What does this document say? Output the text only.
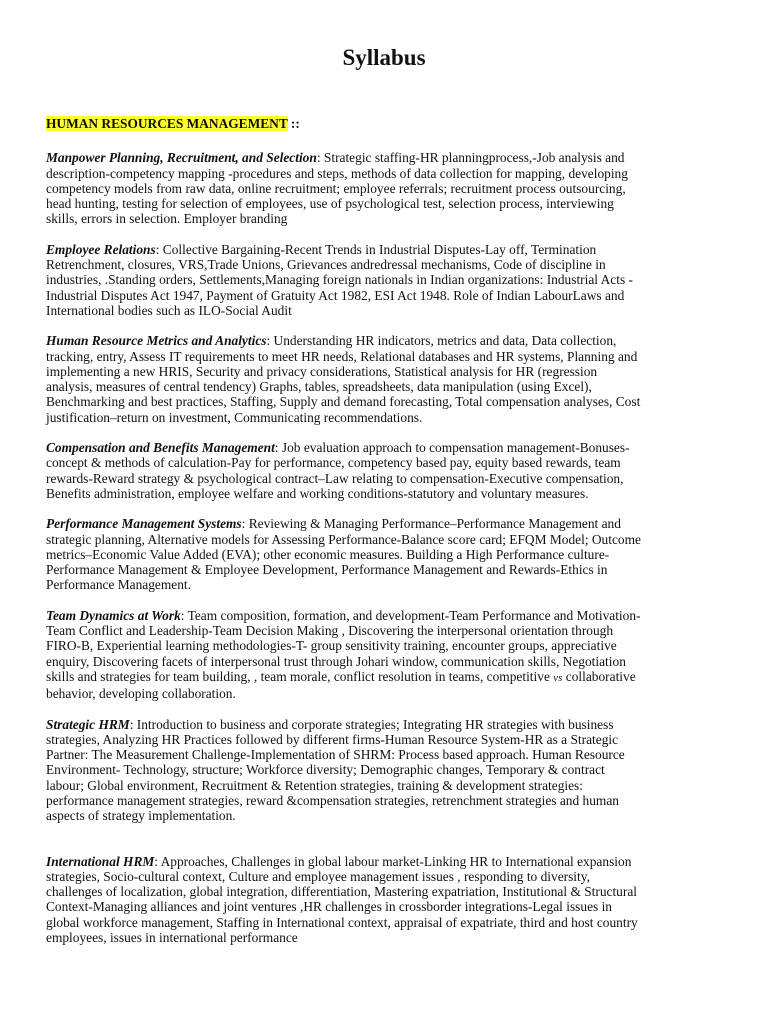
Syllabus

HUMAN RESOURCES MANAGEMENT ::

Manpower Planning, Recruitment, and Selection: Strategic staffing-HR planningprocess,-Job analysis and description-competency mapping -procedures and steps, methods of data collection for mapping, developing competency models from raw data, online recruitment; employee referrals; recruitment process outsourcing, head hunting, testing for selection of employees, use of psychological test, selection process, interviewing skills, errors in selection. Employer branding

Employee Relations: Collective Bargaining-Recent Trends in Industrial Disputes-Lay off, Termination Retrenchment, closures, VRS,Trade Unions, Grievances andredressal mechanisms, Code of discipline in industries, .Standing orders, Settlements,Managing foreign nationals in Indian organizations: Industrial Acts -Industrial Disputes Act 1947, Payment of Gratuity Act 1982, ESI Act 1948. Role of Indian LabourLaws and International bodies such as ILO-Social Audit

Human Resource Metrics and Analytics: Understanding HR indicators, metrics and data, Data collection, tracking, entry, Assess IT requirements to meet HR needs, Relational databases and HR systems, Planning and implementing a new HRIS, Security and privacy considerations, Statistical analysis for HR (regression analysis, measures of central tendency) Graphs, tables, spreadsheets, data manipulation (using Excel), Benchmarking and best practices, Staffing, Supply and demand forecasting, Total compensation analyses, Cost justification–return on investment, Communicating recommendations.

Compensation and Benefits Management: Job evaluation approach to compensation management-Bonuses- concept & methods of calculation-Pay for performance, competency based pay, equity based rewards, team rewards-Reward strategy & psychological contract–Law relating to compensation-Executive compensation, Benefits administration, employee welfare and working conditions-statutory and voluntary measures.

Performance Management Systems: Reviewing & Managing Performance–Performance Management and strategic planning, Alternative models for Assessing Performance-Balance score card; EFQM Model; Outcome metrics–Economic Value Added (EVA); other economic measures. Building a High Performance culture-Performance Management & Employee Development, Performance Management and Rewards-Ethics in Performance Management.

Team Dynamics at Work: Team composition, formation, and development-Team Performance and Motivation-Team Conflict and Leadership-Team Decision Making , Discovering the interpersonal orientation through FIRO-B, Experiential learning methodologies-T- group sensitivity training, encounter groups, appreciative enquiry, Discovering facets of interpersonal trust through Johari window, communication skills, Negotiation skills and strategies for team building, , team morale, conflict resolution in teams, competitive vs collaborative behavior, developing collaboration.

Strategic HRM: Introduction to business and corporate strategies; Integrating HR strategies with business strategies, Analyzing HR Practices followed by different firms-Human Resource System-HR as a Strategic Partner: The Measurement Challenge-Implementation of SHRM: Process based approach. Human Resource Environment- Technology, structure; Workforce diversity; Demographic changes, Temporary & contract labour; Global environment, Recruitment & Retention strategies, training & development strategies: performance management strategies, reward &compensation strategies, retrenchment strategies and human aspects of strategy implementation.

International HRM: Approaches, Challenges in global labour market-Linking HR to International expansion strategies, Socio-cultural context, Culture and employee management issues , responding to diversity, challenges of localization, global integration, differentiation, Mastering expatriation, Institutional & Structural Context-Managing alliances and joint ventures ,HR challenges in crossborder integrations-Legal issues in global workforce management, Staffing in International context, appraisal of expatriate, third and host country employees, issues in international performance
